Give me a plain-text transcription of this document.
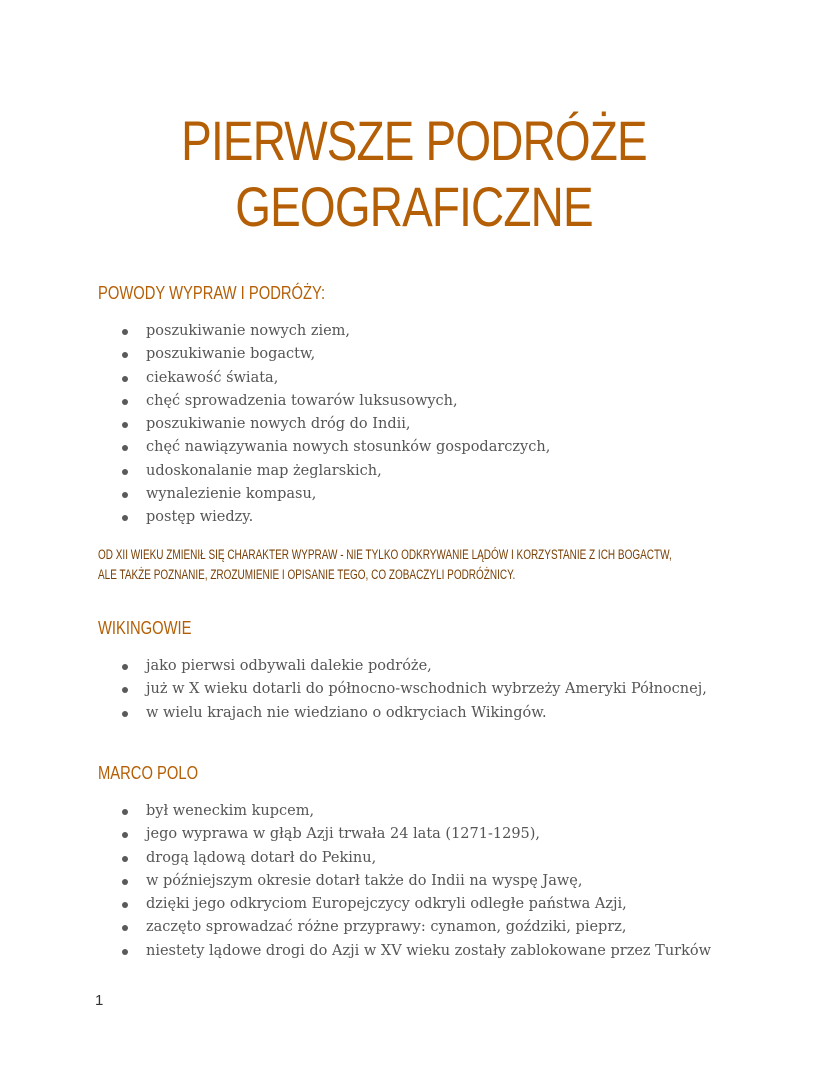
PIERWSZE PODRÓŻE
GEOGRAFICZNE
POWODY WYPRAW I PODRÓŻY:
poszukiwanie nowych ziem,
poszukiwanie bogactw,
ciekawość świata,
chęć sprowadzenia towarów luksusowych,
poszukiwanie nowych dróg do Indii,
chęć nawiązywania nowych stosunków gospodarczych,
udoskonalanie map żeglarskich,
wynalezienie kompasu,
postęp wiedzy.
OD XII WIEKU ZMIENIŁ SIĘ CHARAKTER WYPRAW - NIE TYLKO ODKRYWANIE LĄDÓW I KORZYSTANIE Z ICH BOGACTW,
ALE TAKŻE POZNANIE, ZROZUMIENIE I OPISANIE TEGO, CO ZOBACZYLI PODRÓŻNICY.
WIKINGOWIE
jako pierwsi odbywali dalekie podróże,
już w X wieku dotarli do północno-wschodnich wybrzeży Ameryki Północnej,
w wielu krajach nie wiedziano o odkryciach Wikingów.
MARCO POLO
był weneckim kupcem,
jego wyprawa w głąb Azji trwała 24 lata (1271-1295),
drogą lądową dotarł do Pekinu,
w późniejszym okresie dotarł także do Indii na wyspę Jawę,
dzięki jego odkryciom Europejczycy odkryli odległe państwa Azji,
zaczęto sprowadzać różne przyprawy: cynamon, goździki, pieprz,
niestety lądowe drogi do Azji w XV wieku zostały zablokowane przez Turków
1
